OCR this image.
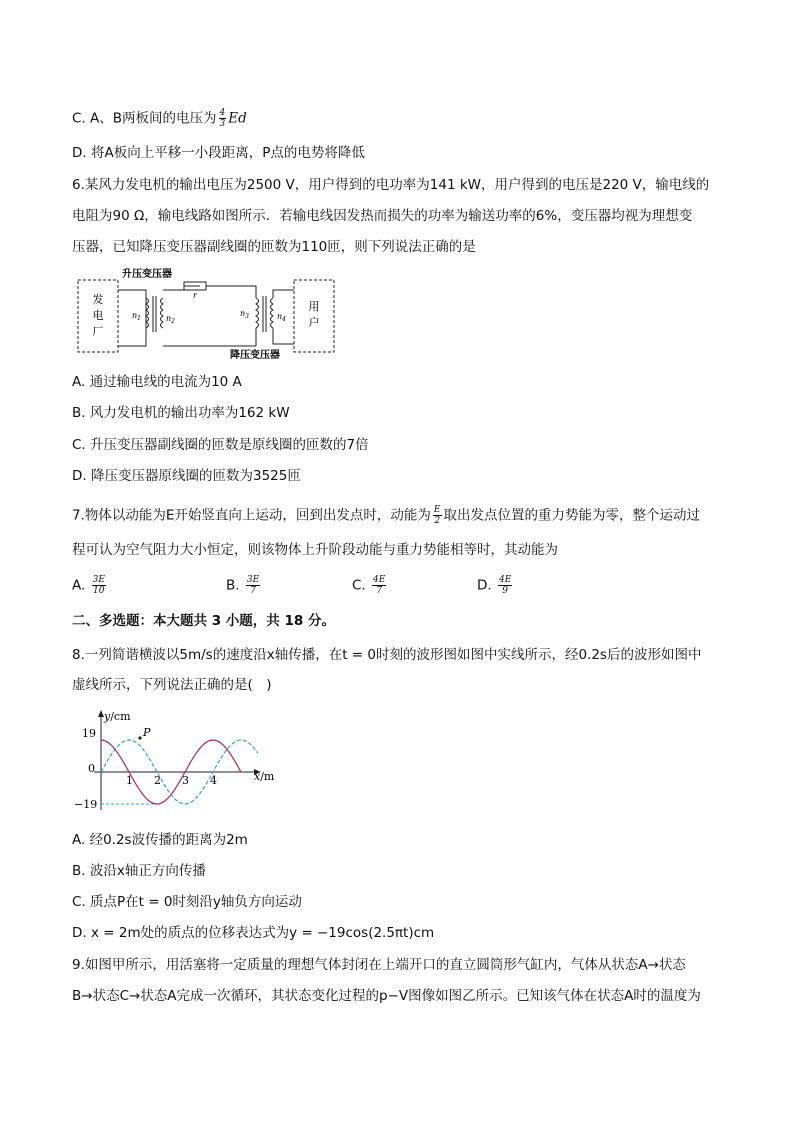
C. A、B两板间的电压为 $\frac{4}{3}$ Ed
D. 将A板向上平移一小段距离，P点的电势将降低
6.某风力发电机的输出电压为2500 V，用户得到的电功率为141 kW，用户得到的电压是220 V，输电线的
电阻为90 Ω，输电线路如图所示．若输电线因发热而损失的功率为输送功率的6%，变压器均视为理想变
压器，已知降压变压器副线圈的匝数为110匝，则下列说法正确的是
发
电
厂
用
户
升压变压器
$n_1$	$n_2$
r
$n_3$	$n_4$
降压变压器
A. 通过输电线的电流为10 A
B. 风力发电机的输出功率为162 kW
C. 升压变压器副线圈的匝数是原线圈的匝数的7倍
D. 降压变压器原线圈的匝数为3525匝
7.物体以动能为E开始竖直向上运动，回到出发点时，动能为 $\frac{E}{2}$ 取出发点位置的重力势能为零，整个运动过
程可认为空气阻力大小恒定，则该物体上升阶段动能与重力势能相等时，其动能为
A. $\frac{3E}{10}$	B. $\frac{3E}{7}$	C. $\frac{4E}{7}$	D. $\frac{4E}{9}$
二、多选题：本大题共 3 小题，共 18 分。
8.一列简谐横波以5m/s的速度沿x轴传播，在t = 0时刻的波形图如图中实线所示，经0.2s后的波形如图中
虚线所示，下列说法正确的是(　)
y/cm
x/m
19
0
−19
1 2 3 4
P
A. 经0.2s波传播的距离为2m
B. 波沿x轴正方向传播
C. 质点P在t = 0时刻沿y轴负方向运动
D. x = 2m处的质点的位移表达式为y = −19cos(2.5πt)cm
9.如图甲所示，用活塞将一定质量的理想气体封闭在上端开口的直立圆筒形气缸内，气体从状态A→状态
B→状态C→状态A完成一次循环，其状态变化过程的p−V图像如图乙所示。已知该气体在状态A时的温度为
